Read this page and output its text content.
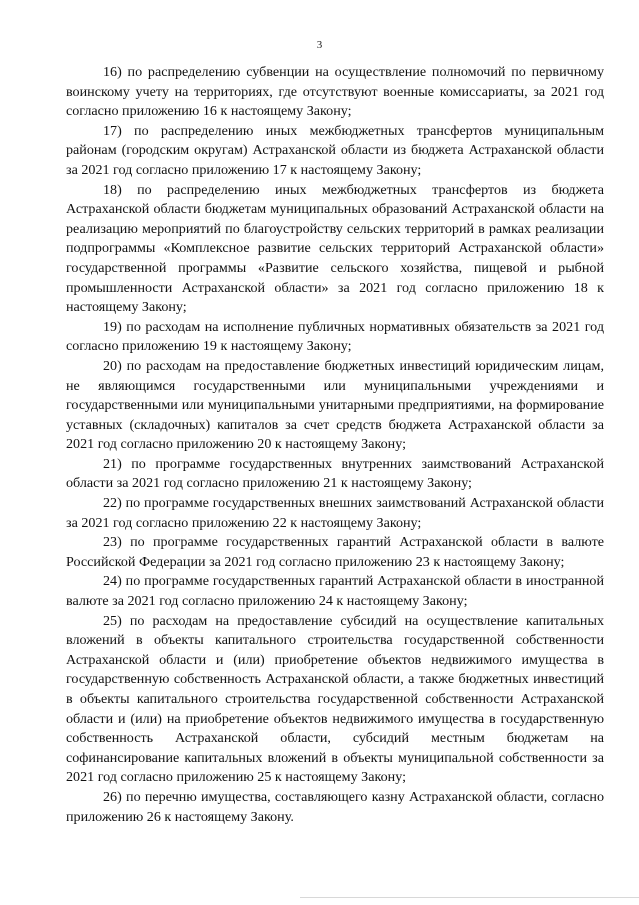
3

16) по распределению субвенции на осуществление полномочий по первичному воинскому учету на территориях, где отсутствуют военные комиссариаты, за 2021 год согласно приложению 16 к настоящему Закону;

17) по распределению иных межбюджетных трансфертов муниципальным районам (городским округам) Астраханской области из бюджета Астраханской области за 2021 год согласно приложению 17 к настоящему Закону;

18) по распределению иных межбюджетных трансфертов из бюджета Астраханской области бюджетам муниципальных образований Астраханской области на реализацию мероприятий по благоустройству сельских территорий в рамках реализации подпрограммы «Комплексное развитие сельских территорий Астраханской области» государственной программы «Развитие сельского хозяйства, пищевой и рыбной промышленности Астраханской области» за 2021 год согласно приложению 18 к настоящему Закону;

19) по расходам на исполнение публичных нормативных обязательств за 2021 год согласно приложению 19 к настоящему Закону;

20) по расходам на предоставление бюджетных инвестиций юридическим лицам, не являющимся государственными или муниципальными учреждениями и государственными или муниципальными унитарными предприятиями, на формирование уставных (складочных) капиталов за счет средств бюджета Астраханской области за 2021 год согласно приложению 20 к настоящему Закону;

21) по программе государственных внутренних заимствований Астраханской области за 2021 год согласно приложению 21 к настоящему Закону;

22) по программе государственных внешних заимствований Астраханской области за 2021 год согласно приложению 22 к настоящему Закону;

23) по программе государственных гарантий Астраханской области в валюте Российской Федерации за 2021 год согласно приложению 23 к настоящему Закону;

24) по программе государственных гарантий Астраханской области в иностранной валюте за 2021 год согласно приложению 24 к настоящему Закону;

25) по расходам на предоставление субсидий на осуществление капитальных вложений в объекты капитального строительства государственной собственности Астраханской области и (или) приобретение объектов недвижимого имущества в государственную собственность Астраханской области, а также бюджетных инвестиций в объекты капитального строительства государственной собственности Астраханской области и (или) на приобретение объектов недвижимого имущества в государственную собственность Астраханской области, субсидий местным бюджетам на софинансирование капитальных вложений в объекты муниципальной собственности за 2021 год согласно приложению 25 к настоящему Закону;

26) по перечню имущества, составляющего казну Астраханской области, согласно приложению 26 к настоящему Закону.
